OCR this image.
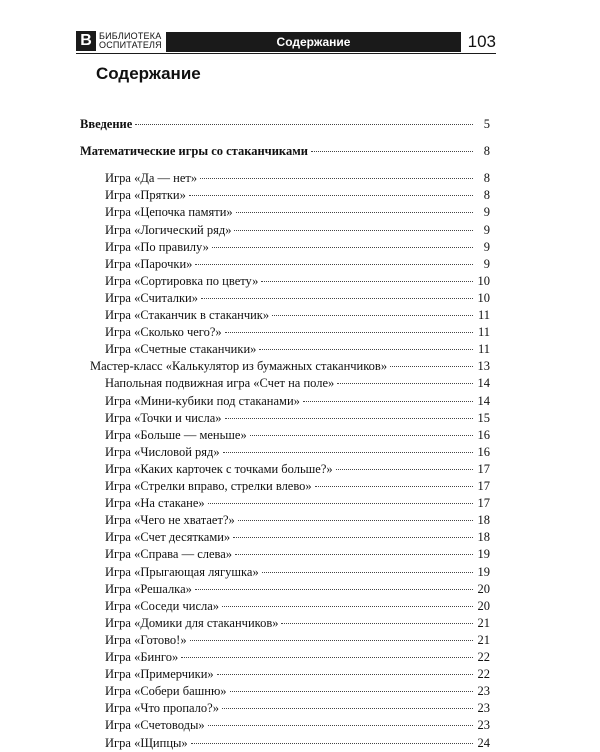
В БИБЛИОТЕКА
ОСПИТАТЕЛЯ	Содержание	103
Содержание
Введение	5
Математические игры со стаканчиками	8
Игра «Да — нет»	8
Игра «Прятки»	8
Игра «Цепочка памяти»	9
Игра «Логический ряд»	9
Игра «По правилу»	9
Игра «Парочки»	9
Игра «Сортировка по цвету»	10
Игра «Считалки»	10
Игра «Стаканчик в стаканчик»	11
Игра «Сколько чего?»	11
Игра «Счетные стаканчики»	11
Мастер-класс «Калькулятор из бумажных стаканчиков»	13
Напольная подвижная игра «Счет на поле»	14
Игра «Мини-кубики под стаканами»	14
Игра «Точки и числа»	15
Игра «Больше — меньше»	16
Игра «Числовой ряд»	16
Игра «Каких карточек с точками больше?»	17
Игра «Стрелки вправо, стрелки влево»	17
Игра «На стакане»	17
Игра «Чего не хватает?»	18
Игра «Счет десятками»	18
Игра «Справа — слева»	19
Игра «Прыгающая лягушка»	19
Игра «Решалка»	20
Игра «Соседи числа»	20
Игра «Домики для стаканчиков»	21
Игра «Готово!»	21
Игра «Бинго»	22
Игра «Примерчики»	22
Игра «Собери башню»	23
Игра «Что пропало?»	23
Игра «Счетоводы»	23
Игра «Щипцы»	24
